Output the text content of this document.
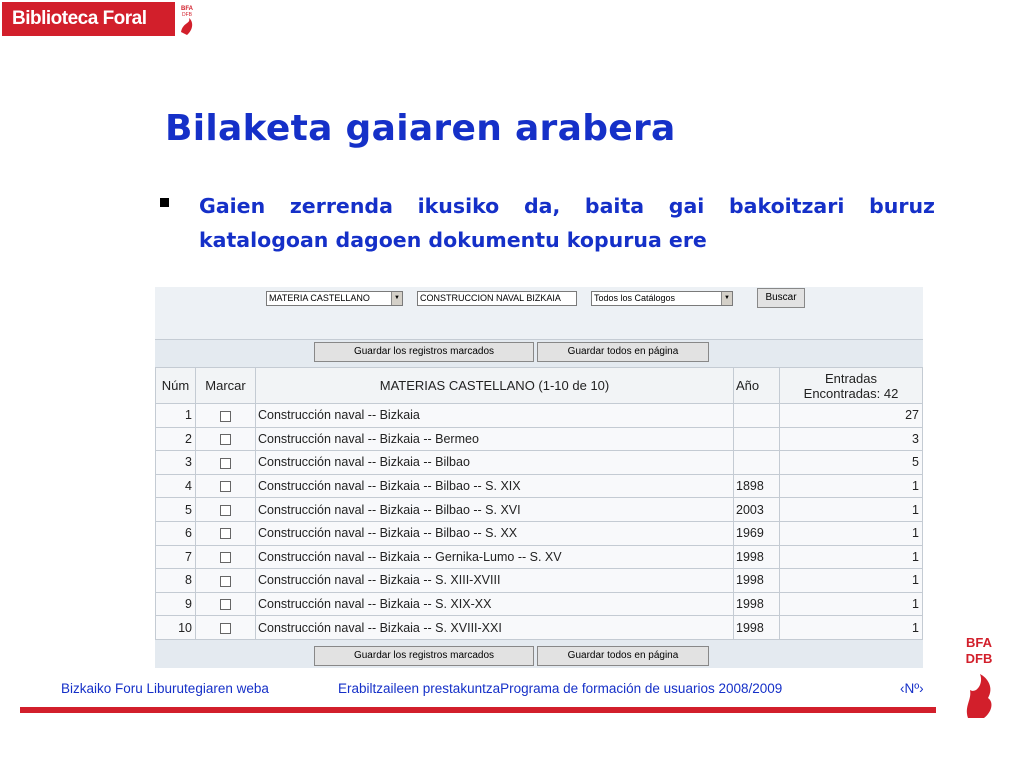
Biblioteca Foral	BFA
DFB
Bilaketa gaiaren arabera

Gaien zerrenda ikusiko da, baita gai bakoitzari buruz katalogoan dagoen dokumentu kopurua ere

MATERIA CASTELLANO	▼	CONSTRUCCION NAVAL BIZKAIA	Todos los Catálogos	▼	Buscar
Guardar los registros marcados	Guardar todos en página
Núm	Marcar	MATERIAS CASTELLANO (1-10 de 10)	Año	Entradas
Encontradas: 42

1		Construcción naval -- Bizkaia		27
2		Construcción naval -- Bizkaia -- Bermeo		3
3		Construcción naval -- Bizkaia -- Bilbao		5
4		Construcción naval -- Bizkaia -- Bilbao -- S. XIX	1898	1
5		Construcción naval -- Bizkaia -- Bilbao -- S. XVI	2003	1
6		Construcción naval -- Bizkaia -- Bilbao -- S. XX	1969	1
7		Construcción naval -- Bizkaia -- Gernika-Lumo -- S. XV	1998	1
8		Construcción naval -- Bizkaia -- S. XIII-XVIII	1998	1
9		Construcción naval -- Bizkaia -- S. XIX-XX	1998	1
10		Construcción naval -- Bizkaia -- S. XVIII-XXI	1998	1
Guardar los registros marcados	Guardar todos en página
Bizkaiko Foru Liburutegiaren weba	Erabiltzaileen prestakuntzaPrograma de formación de usuarios 2008/2009	‹Nº›
BFA
DFB
